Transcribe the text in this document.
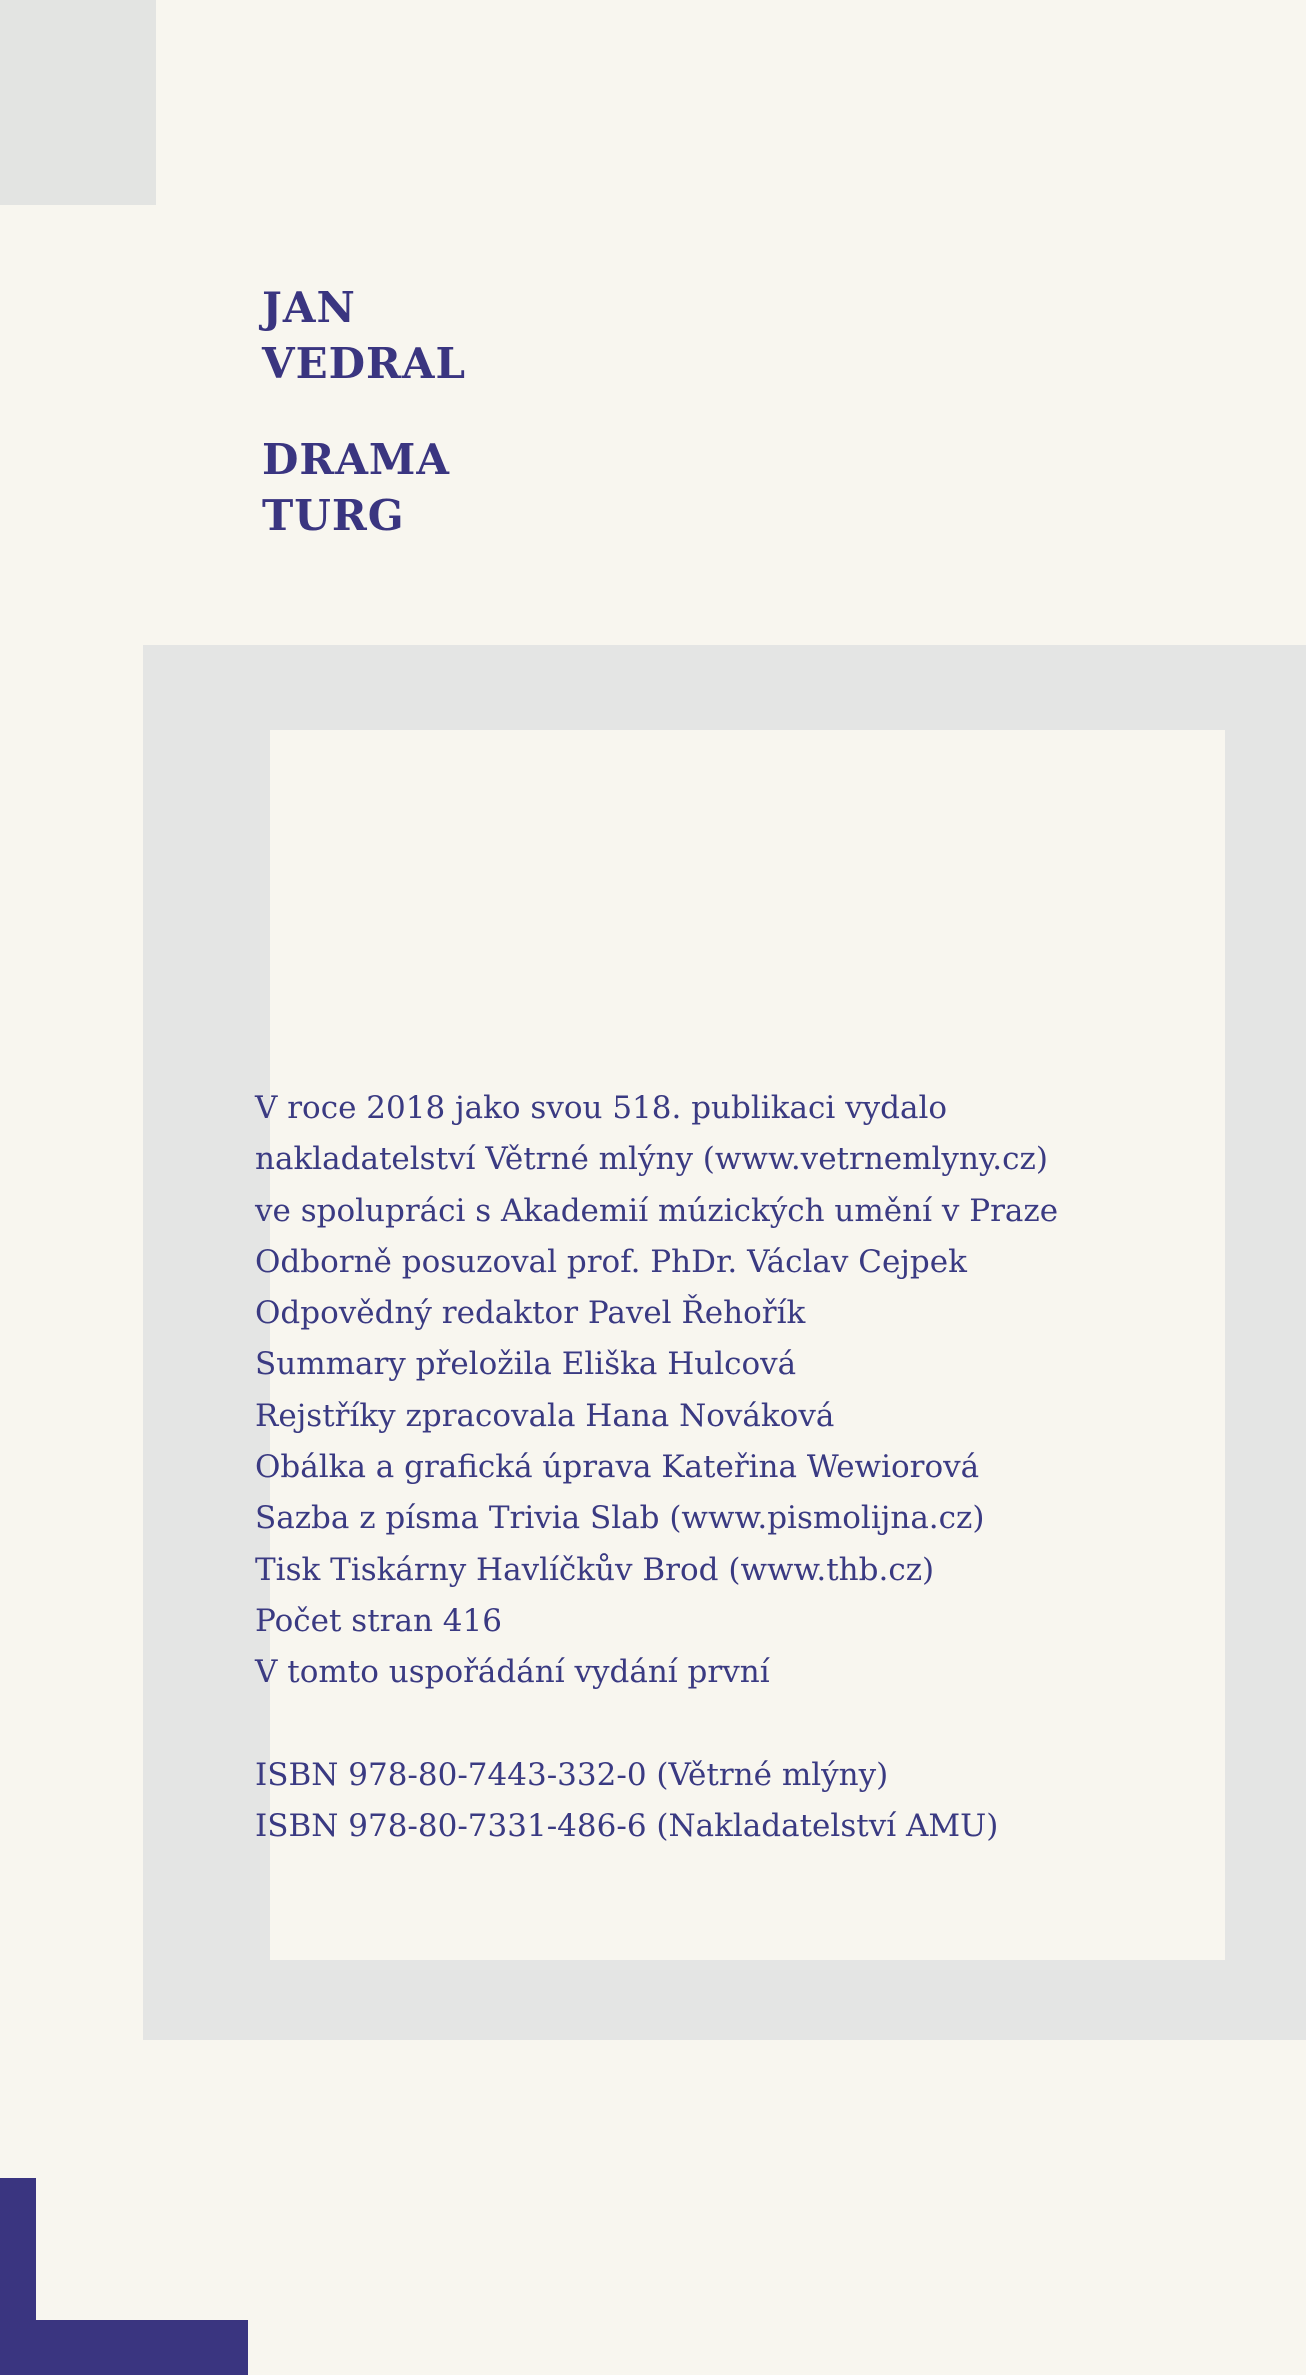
JAN
VEDRAL
DRAMA
TURG
V roce 2018 jako svou 518. publikaci vydalo
nakladatelství Větrné mlýny (www.vetrnemlyny.cz)
ve spolupráci s Akademií múzických umění v Praze
Odborně posuzoval prof. PhDr. Václav Cejpek
Odpovědný redaktor Pavel Řehořík
Summary přeložila Eliška Hulcová
Rejstříky zpracovala Hana Nováková
Obálka a grafická úprava Kateřina Wewiorová
Sazba z písma Trivia Slab (www.pismolijna.cz)
Tisk Tiskárny Havlíčkův Brod (www.thb.cz)
Počet stran 416
V tomto uspořádání vydání první
ISBN 978-80-7443-332-0 (Větrné mlýny)
ISBN 978-80-7331-486-6 (Nakladatelství AMU)
